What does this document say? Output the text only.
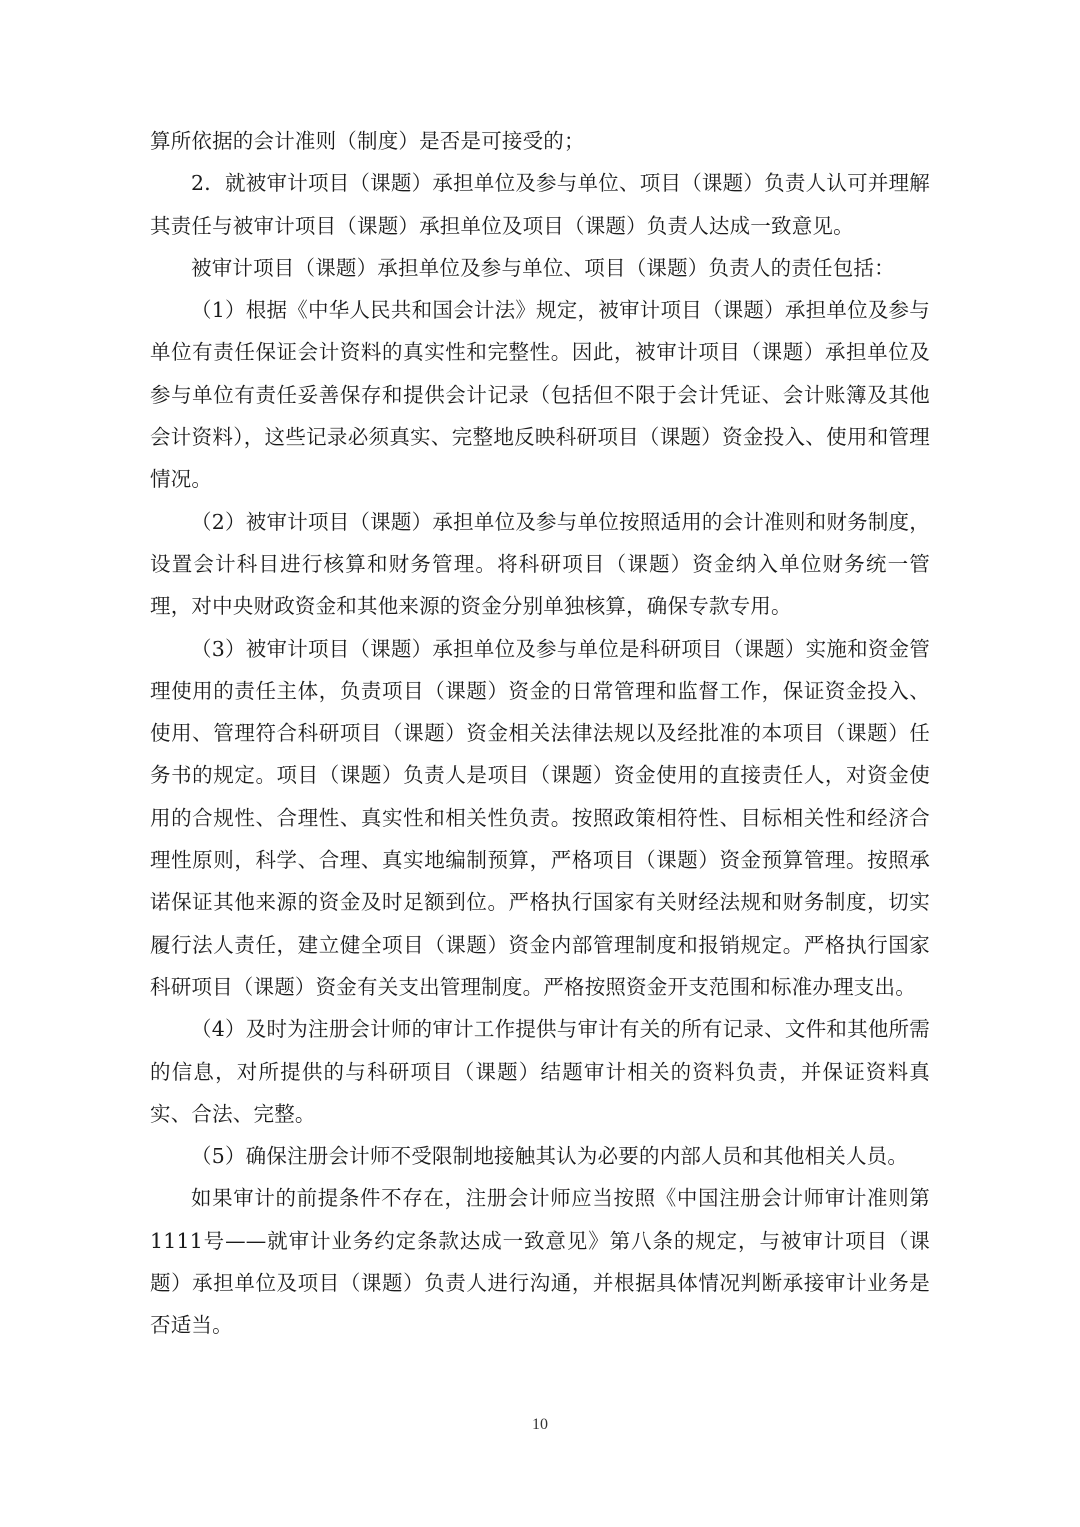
算所依据的会计准则（制度）是否是可接受的；

2．就被审计项目（课题）承担单位及参与单位、项目（课题）负责人认可并理解其责任与被审计项目（课题）承担单位及项目（课题）负责人达成一致意见。

被审计项目（课题）承担单位及参与单位、项目（课题）负责人的责任包括：

（1）根据《中华人民共和国会计法》规定，被审计项目（课题）承担单位及参与单位有责任保证会计资料的真实性和完整性。因此，被审计项目（课题）承担单位及参与单位有责任妥善保存和提供会计记录（包括但不限于会计凭证、会计账簿及其他会计资料），这些记录必须真实、完整地反映科研项目（课题）资金投入、使用和管理情况。

（2）被审计项目（课题）承担单位及参与单位按照适用的会计准则和财务制度，设置会计科目进行核算和财务管理。将科研项目（课题）资金纳入单位财务统一管理，对中央财政资金和其他来源的资金分别单独核算，确保专款专用。

（3）被审计项目（课题）承担单位及参与单位是科研项目（课题）实施和资金管理使用的责任主体，负责项目（课题）资金的日常管理和监督工作，保证资金投入、使用、管理符合科研项目（课题）资金相关法律法规以及经批准的本项目（课题）任务书的规定。项目（课题）负责人是项目（课题）资金使用的直接责任人，对资金使用的合规性、合理性、真实性和相关性负责。按照政策相符性、目标相关性和经济合理性原则，科学、合理、真实地编制预算，严格项目（课题）资金预算管理。按照承诺保证其他来源的资金及时足额到位。严格执行国家有关财经法规和财务制度，切实履行法人责任，建立健全项目（课题）资金内部管理制度和报销规定。严格执行国家科研项目（课题）资金有关支出管理制度。严格按照资金开支范围和标准办理支出。

（4）及时为注册会计师的审计工作提供与审计有关的所有记录、文件和其他所需的信息，对所提供的与科研项目（课题）结题审计相关的资料负责，并保证资料真实、合法、完整。

（5）确保注册会计师不受限制地接触其认为必要的内部人员和其他相关人员。

如果审计的前提条件不存在，注册会计师应当按照《中国注册会计师审计准则第1111号——就审计业务约定条款达成一致意见》第八条的规定，与被审计项目（课题）承担单位及项目（课题）负责人进行沟通，并根据具体情况判断承接审计业务是否适当。

10
